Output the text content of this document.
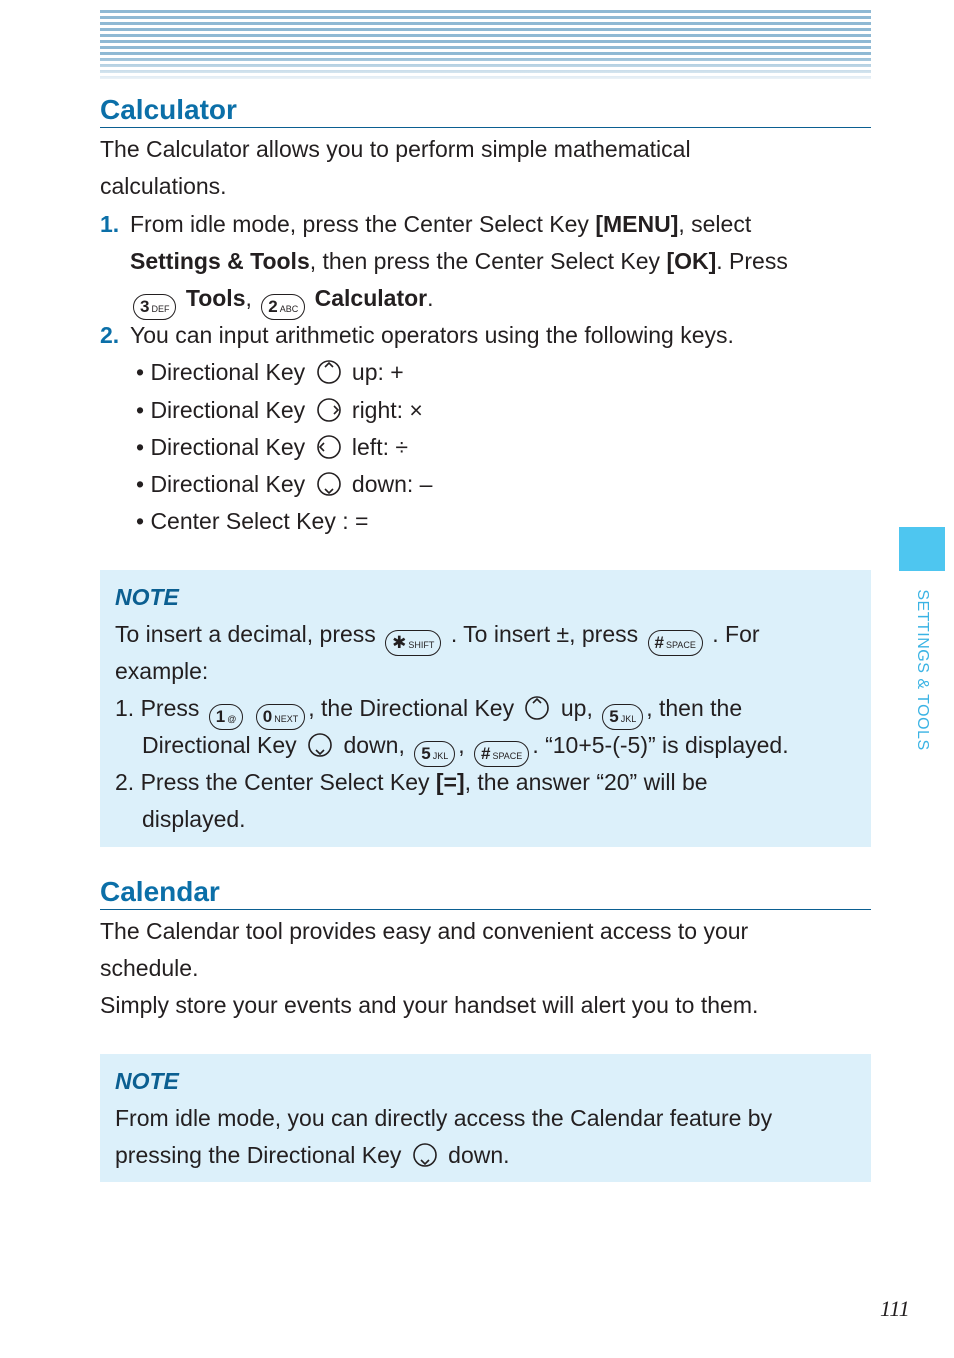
Calculator
The Calculator allows you to perform simple mathematical
calculations.
1. From idle mode, press the Center Select Key [MENU], select
Settings & Tools, then press the Center Select Key [OK]. Press
3 DEF Tools, 2 ABC Calculator.
2. You can input arithmetic operators using the following keys.
• Directional Key  up: +
• Directional Key  right: ×
• Directional Key  left: ÷
• Directional Key  down: –
• Center Select Key : =
NOTE
To insert a decimal, press ✱ SHIFT . To insert ±, press # SPACE . For
example:
1. Press 1 @ 0 NEXT , the Directional Key  up, 5 JKL , then the
Directional Key  down, 5 JKL , # SPACE . “10+5-(-5)” is displayed.
2. Press the Center Select Key [=], the answer “20” will be
displayed.
Calendar
The Calendar tool provides easy and convenient access to your
schedule.
Simply store your events and your handset will alert you to them.
NOTE
From idle mode, you can directly access the Calendar feature by
pressing the Directional Key  down.
SETTINGS & TOOLS
111
